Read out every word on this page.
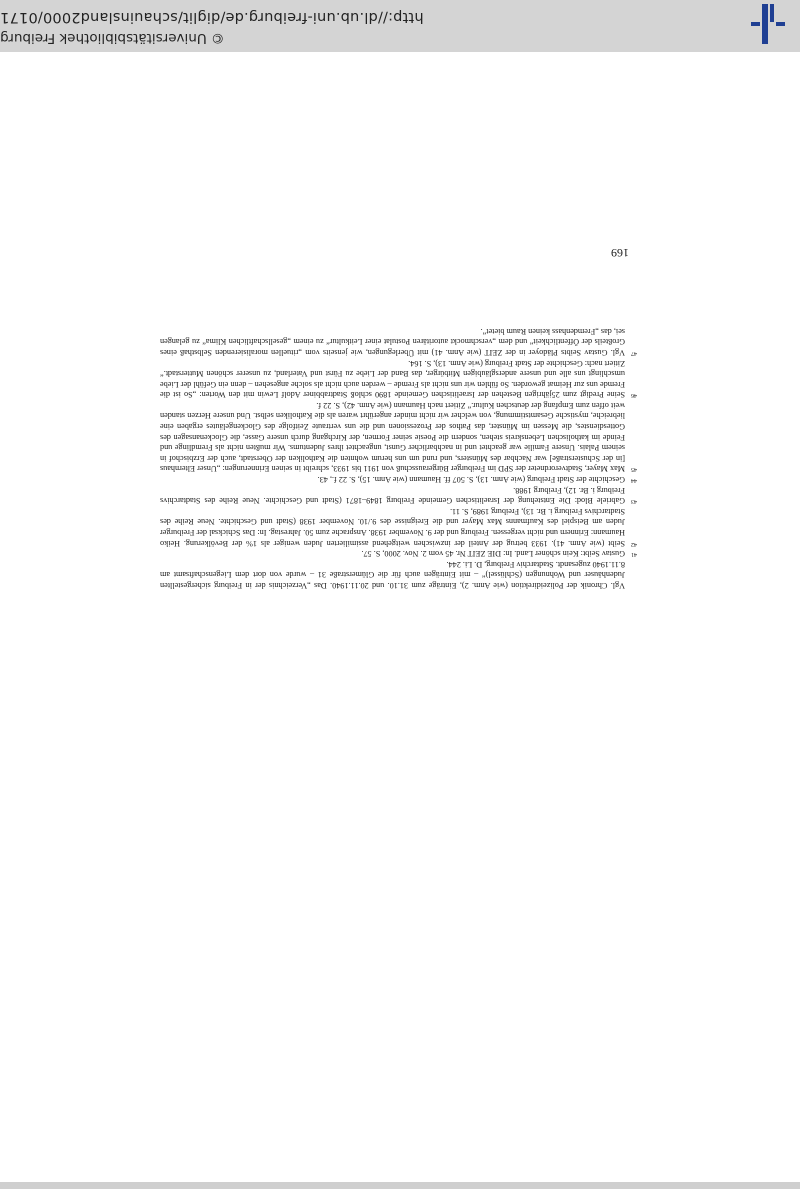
© Universitätsbibliothek Freiburg
http://dl.ub.uni-freiburg.de/diglit/schauinsland2000/0171

Vgl. Chronik der Polizeidirektion (wie Anm. 2), Einträge zum 31.10. und 20.11.1940. Das „Verzeichnis der in Freiburg sichergestellten Judenhäuser und Wohnungen (Schlüssel)“ – mit Einträgen auch für die Glümerstraße 31 – wurde von dort dem Liegenschaftsamt am 8.11.1940 zugesandt. Stadtarchiv Freiburg, D. Li. 244.

41
Gustav Seibt: Kein schöner Land. In: DIE ZEIT Nr. 45 vom 2. Nov. 2000, S. 57.

42
Seibt (wie Anm. 41). 1933 betrug der Anteil der inzwischen weitgehend assimilierten Juden weniger als 1% der Bevölkerung. Heiko Haumann: Erinnern und nicht vergessen. Freiburg und der 9. November 1938. Ansprache zum 50. Jahrestag. In: Das Schicksal der Freiburger Juden am Beispiel des Kaufmanns Max Mayer und die Ereignisse des 9./10. November 1938 (Stadt und Geschichte. Neue Reihe des Stadtarchivs Freiburg i. Br. 13), Freiburg 1989, S. 11.

43
Gabriele Blod: Die Entstehung der Israelitischen Gemeinde Freiburg 1849–1871 (Stadt und Geschichte. Neue Reihe des Stadtarchivs Freiburg i. Br. 12), Freiburg 1988.

44
Geschichte der Stadt Freiburg (wie Anm. 13), S. 507 ff. Haumann (wie Anm. 15), S. 22 f., 43.

45
Max Mayer, Stadtverordneter der SPD im Freiburger Bürgerausschuß von 1911 bis 1933, schreibt in seinen Erinnerungen: „Unser Elternhaus [in der Schusterstraße] war Nachbar des Münsters, und rund um uns herum wohnten die Katholiken der Oberstadt, auch der Erzbischof in seinem Palais. Unsere Familie war geachtet und in nachbarlicher Gunst, ungeachtet ihres Judentums. Wir mußten nicht als Fremdlinge und Feinde im katholischen Lebenskreis stehen, sondern die Poesie seiner Formen, der Kirchgang durch unsere Gasse, die Glockenansagen des Gottesdienstes, die Messen im Münster, das Pathos der Prozessionen und die uns vertraute Zeitfolge des Glockengeläutes ergaben eine liebreiche, mystische Gesamtstimmung, von welcher wir nicht minder angerührt waren als die Katholiken selbst. Und unsere Herzen standen weit offen zum Empfang der deutschen Kultur.“ Zitiert nach Haumann (wie Anm. 42), S. 22 f.

46
Seine Predigt zum 25jährigen Bestehen der Israelitischen Gemeinde 1890 schloß Stadtrabbiner Adolf Lewin mit den Worten: „So ist die Fremde uns zur Heimat geworden. So fühlen wir uns nicht als Fremde – werden auch nicht als solche angesehen – denn ein Gefühl der Liebe umschlingt uns alle und unsere andersgläubigen Mitbürger, das Band der Liebe zu Fürst und Vaterland, zu unserer schönen Mutterstadt.“ Zitiert nach: Geschichte der Stadt Freiburg (wie Anm. 13), S. 164.

47
Vgl. Gustav Seibts Plädoyer in der ZEIT (wie Anm. 41) mit Überlegungen, wie jenseits vom „rituellen moralisierenden Selbsthaß eines Großteils der Öffentlichkeit“ und dem „verschmockt autoritären Postulat einer Leitkultur“ zu einem „gesellschaftlichen Klima“ zu gelangen sei, das „Fremdenhass keinen Raum bietet“.

169
